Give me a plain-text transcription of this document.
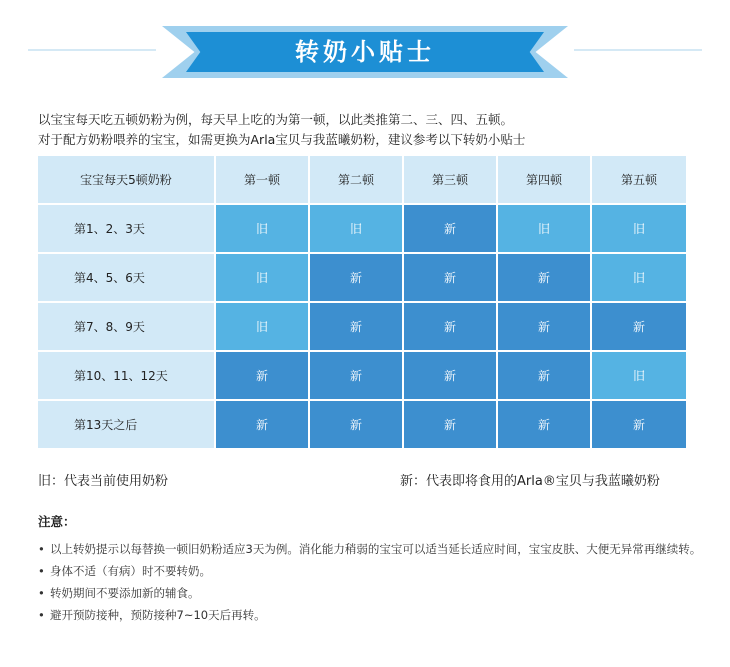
转奶小贴士

以宝宝每天吃五顿奶粉为例，每天早上吃的为第一顿，以此类推第二、三、四、五顿。

对于配方奶粉喂养的宝宝，如需更换为Arla宝贝与我蓝曦奶粉，建议参考以下转奶小贴士

宝宝每天5顿奶粉	第一顿	第二顿	第三顿	第四顿	第五顿
第1、2、3天	旧	旧	新	旧	旧
第4、5、6天	旧	新	新	新	旧
第7、8、9天	旧	新	新	新	新
第10、11、12天	新	新	新	新	旧
第13天之后	新	新	新	新	新
旧：代表当前使用奶粉	新：代表即将食用的Arla®宝贝与我蓝曦奶粉
注意：
• 以上转奶提示以每替换一顿旧奶粉适应3天为例。消化能力稍弱的宝宝可以适当延长适应时间，宝宝皮肤、大便无异常再继续转。
• 身体不适（有病）时不要转奶。
• 转奶期间不要添加新的辅食。
• 避开预防接种，预防接种7~10天后再转。
